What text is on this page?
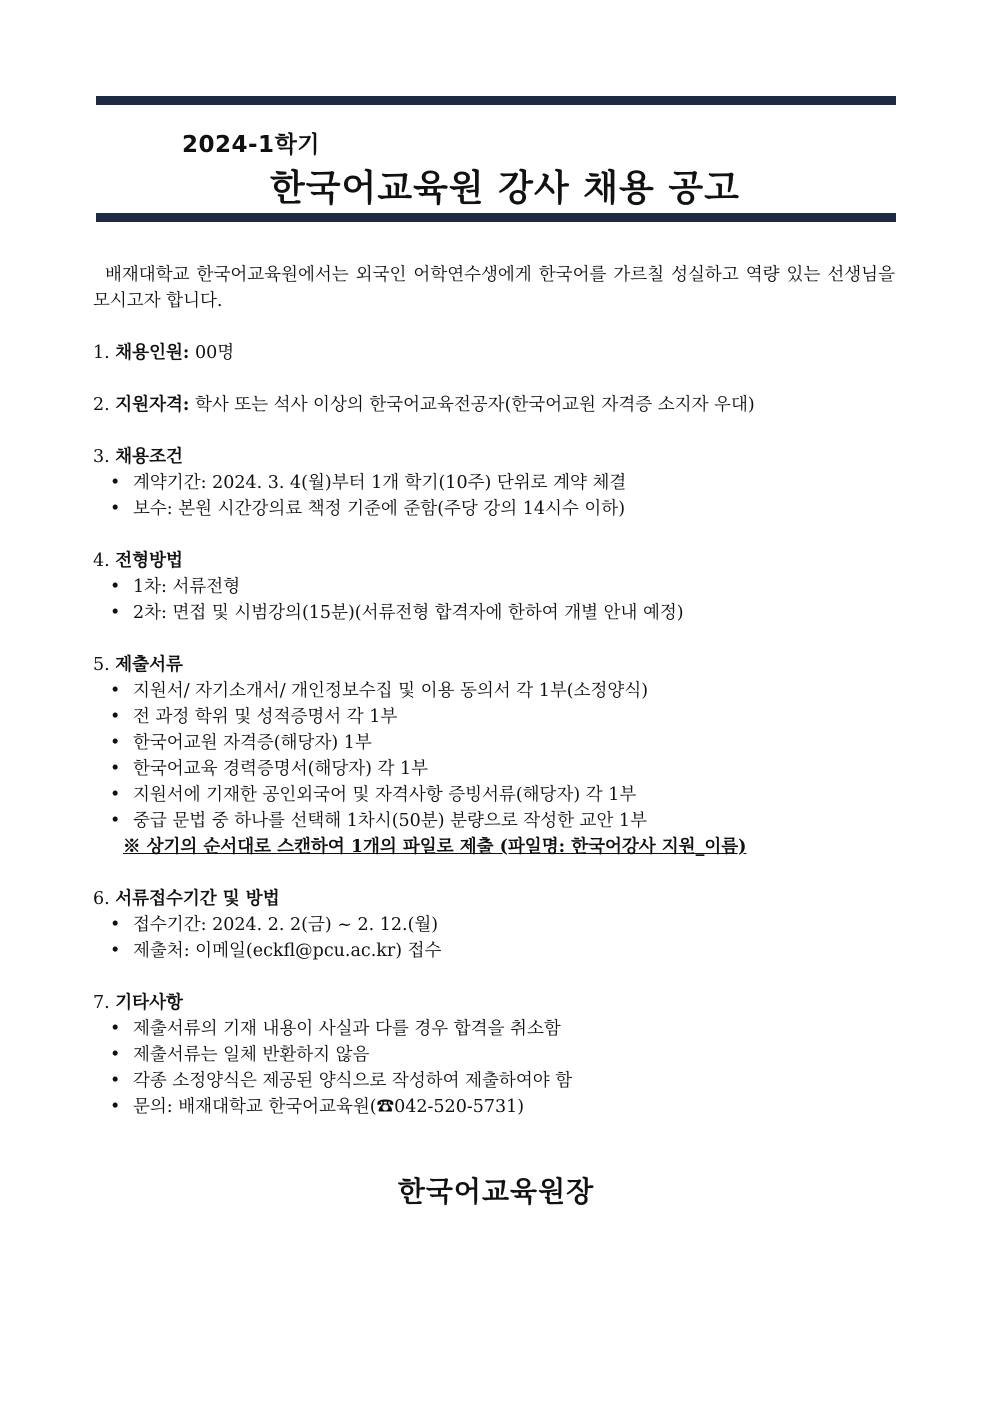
2024-1학기
한국어교육원 강사 채용 공고

배재대학교 한국어교육원에서는 외국인 어학연수생에게 한국어를 가르칠 성실하고 역량 있는 선생님을 모시고자 합니다.

1. 채용인원: 00명
2. 지원자격: 학사 또는 석사 이상의 한국어교육전공자(한국어교원 자격증 소지자 우대)
3. 채용조건
• 계약기간: 2024. 3. 4(월)부터 1개 학기(10주) 단위로 계약 체결
• 보수: 본원 시간강의료 책정 기준에 준함(주당 강의 14시수 이하)
4. 전형방법
• 1차: 서류전형
• 2차: 면접 및 시범강의(15분)(서류전형 합격자에 한하여 개별 안내 예정)
5. 제출서류
• 지원서/ 자기소개서/ 개인정보수집 및 이용 동의서 각 1부(소정양식)
• 전 과정 학위 및 성적증명서 각 1부
• 한국어교원 자격증(해당자) 1부
• 한국어교육 경력증명서(해당자) 각 1부
• 지원서에 기재한 공인외국어 및 자격사항 증빙서류(해당자) 각 1부
• 중급 문법 중 하나를 선택해 1차시(50분) 분량으로 작성한 교안 1부
※ 상기의 순서대로 스캔하여 1개의 파일로 제출 (파일명: 한국어강사 지원_이름)
6. 서류접수기간 및 방법
• 접수기간: 2024. 2. 2(금) ~ 2. 12.(월)
• 제출처: 이메일(eckfl@pcu.ac.kr) 접수
7. 기타사항
• 제출서류의 기재 내용이 사실과 다를 경우 합격을 취소함
• 제출서류는 일체 반환하지 않음
• 각종 소정양식은 제공된 양식으로 작성하여 제출하여야 함
• 문의: 배재대학교 한국어교육원(☎042-520-5731)
한국어교육원장
